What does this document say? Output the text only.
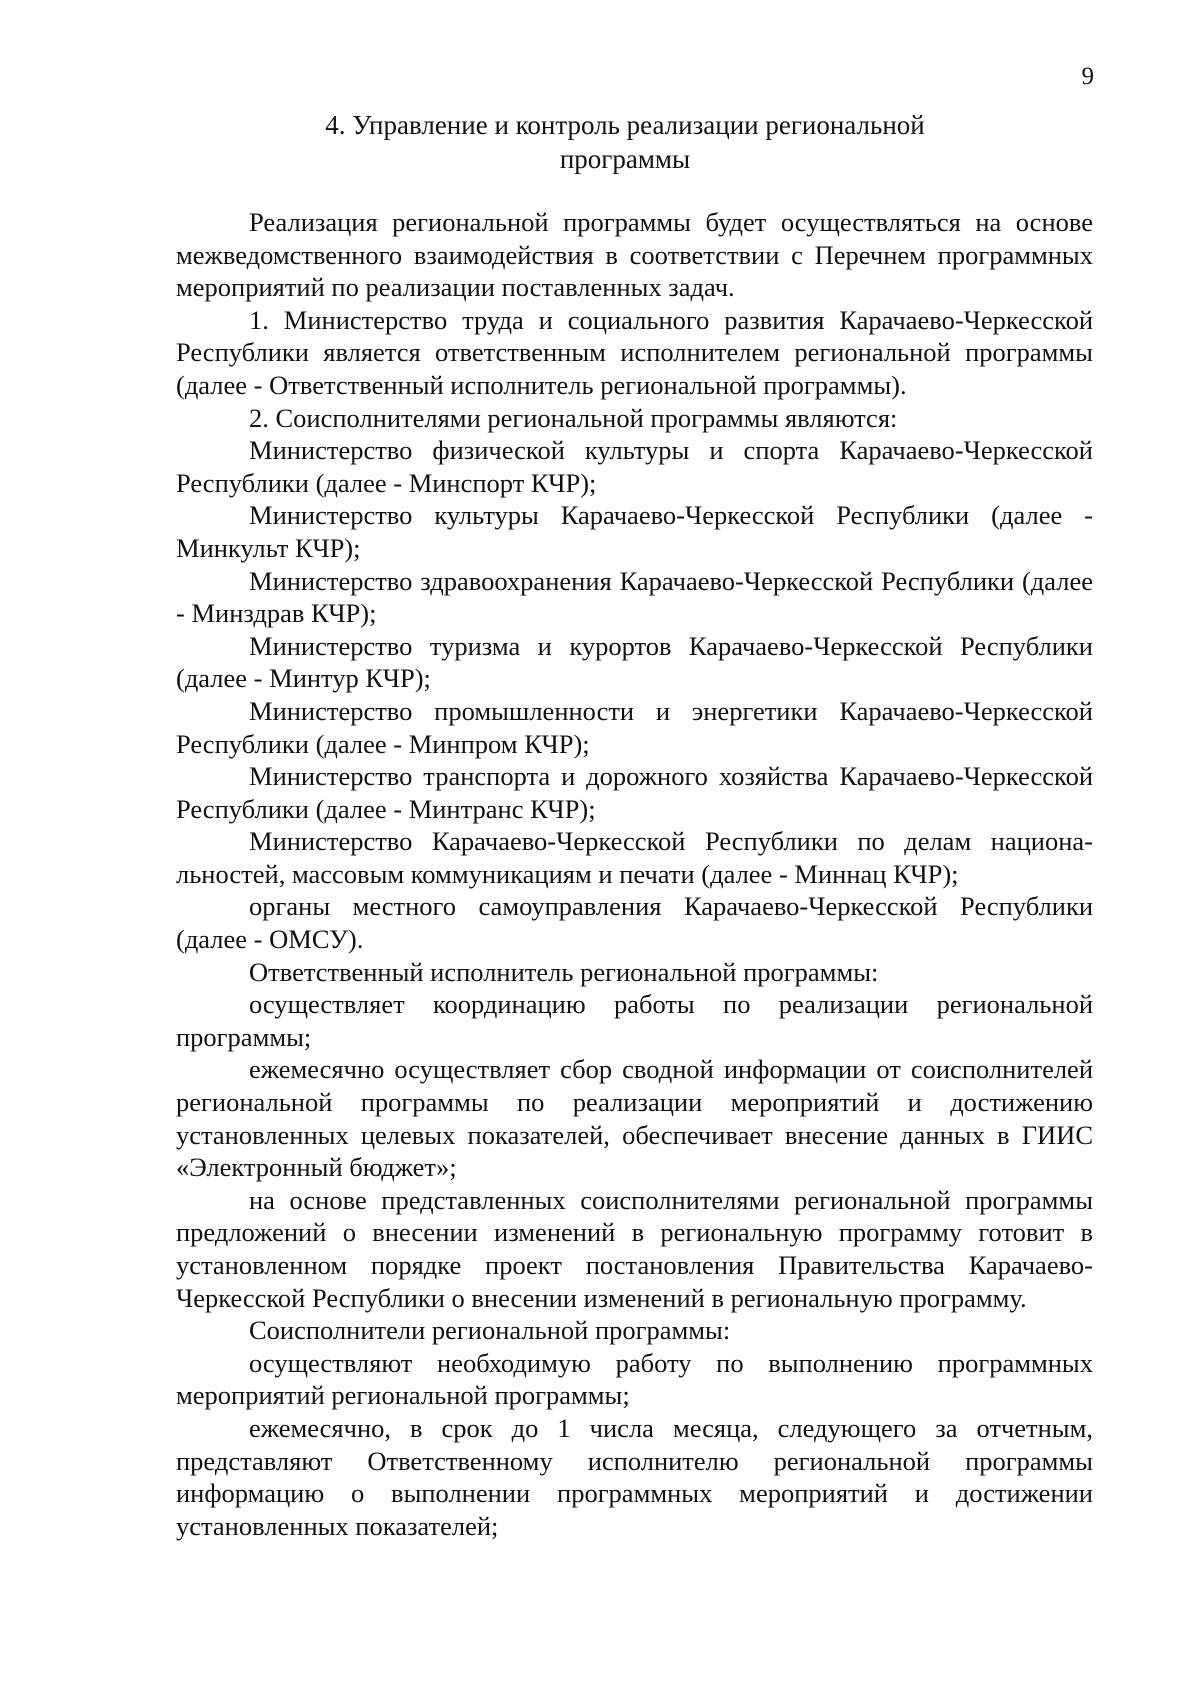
9
4. Управление и контроль реализации региональной
программы

Реализация региональной программы будет осуществляться на основе межведомственного взаимодействия в соответствии с Перечнем программных мероприятий по реализации поставленных задач.

1. Министерство труда и социального развития Карачаево-Черкесской Республики является ответственным исполнителем региональной программы (далее - Ответственный исполнитель региональной программы).

2. Соисполнителями региональной программы являются:

Министерство физической культуры и спорта Карачаево-Черкесской Республики (далее - Минспорт КЧР);

Министерство культуры Карачаево-Черкесской Республики (далее - Минкульт КЧР);

Министерство здравоохранения Карачаево-Черкесской Республики (далее - Минздрав КЧР);

Министерство туризма и курортов Карачаево-Черкесской Республики (далее - Минтур КЧР);

Министерство промышленности и энергетики Карачаево-Черкесской Республики (далее - Минпром КЧР);

Министерство транспорта и дорожного хозяйства Карачаево-Черкесской Республики (далее - Минтранс КЧР);

Министерство Карачаево-Черкесской Республики по делам национальностей, массовым коммуникациям и печати (далее - Миннац КЧР);

органы местного самоуправления Карачаево-Черкесской Республики (далее - ОМСУ).

Ответственный исполнитель региональной программы:

осуществляет координацию работы по реализации региональной программы;

ежемесячно осуществляет сбор сводной информации от соисполнителей региональной программы по реализации мероприятий и достижению установленных целевых показателей, обеспечивает внесение данных в ГИИС «Электронный бюджет»;

на основе представленных соисполнителями региональной программы предложений о внесении изменений в региональную программу готовит в установленном порядке проект постановления Правительства Карачаево-Черкесской Республики о внесении изменений в региональную программу.

Соисполнители региональной программы:

осуществляют необходимую работу по выполнению программных мероприятий региональной программы;

ежемесячно, в срок до 1 числа месяца, следующего за отчетным, представляют Ответственному исполнителю региональной программы информацию о выполнении программных мероприятий и достижении установленных показателей;
